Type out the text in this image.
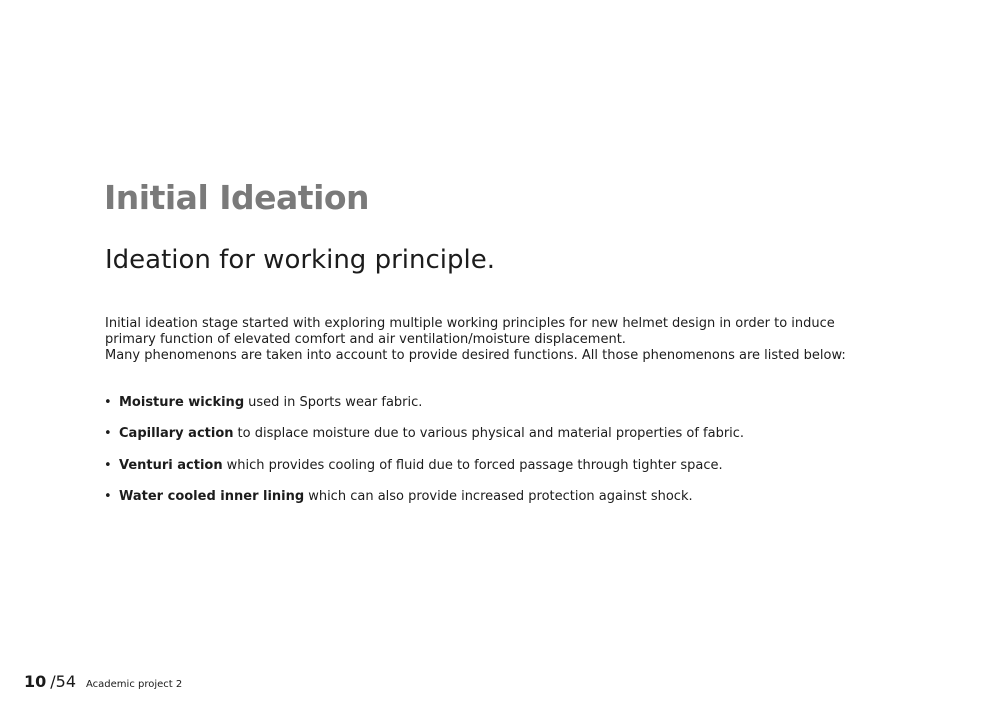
Initial Ideation
Ideation for working principle.

Initial ideation stage started with exploring multiple working principles for new helmet design in order to induce

primary function of elevated comfort and air ventilation/moisture displacement.

Many phenomenons are taken into account to provide desired functions. All those phenomenons are listed below:

• Moisture wicking used in Sports wear fabric.
• Capillary action to displace moisture due to various physical and material properties of fabric.
• Venturi action which provides cooling of fluid due to forced passage through tighter space.
• Water cooled inner lining which can also provide increased protection against shock.
10 /54 Academic project 2
